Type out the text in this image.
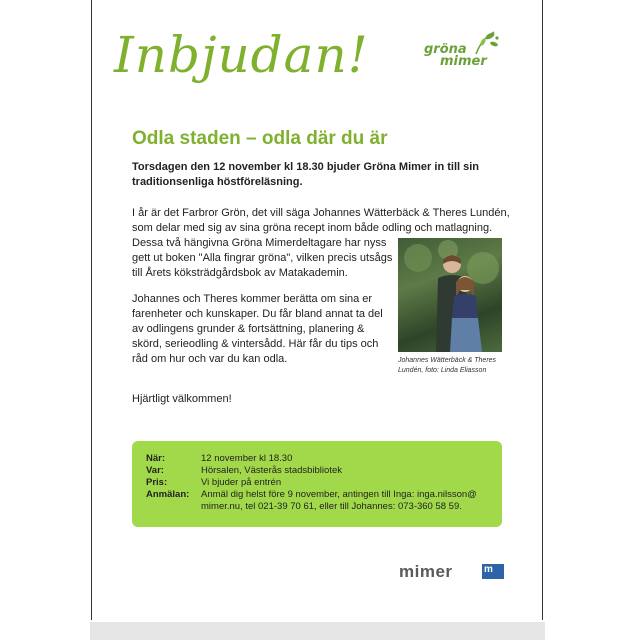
Inbjudan!	gröna
mimer
Odla staden – odla där du är
Torsdagen den 12 november kl 18.30 bjuder Gröna Mimer in till sin traditionsenliga höstföreläsning.
I år är det Farbror Grön, det vill säga Johannes Wätterbäck & Theres Lundén, som delar med sig av sina gröna recept inom både odling och matlagning.
Dessa två hängivna Gröna Mimerdeltagare har nyss gett ut boken "Alla fingrar gröna", vilken precis utsågs till Årets köksträdgårdsbok av Matakademin.
Johannes och Theres kommer berätta om sina er farenheter och kunskaper. Du får bland annat ta del av odlingens grunder & fortsättning, planering & skörd, serieodling & vintersådd. Här får du tips och råd om hur och var du kan odla.	Johannes Wätterbäck & Theres Lundén, foto: Linda Eliasson
Hjärtligt välkommen!
När:	12 november kl 18.30
Var:	Hörsalen, Västerås stadsbibliotek
Pris:	Vi bjuder på entrén
Anmälan:	Anmäl dig helst före 9 november, antingen till Inga: inga.nilsson@ mimer.nu, tel 021-39 70 61, eller till Johannes: 073-360 58 59.
mimer	m
